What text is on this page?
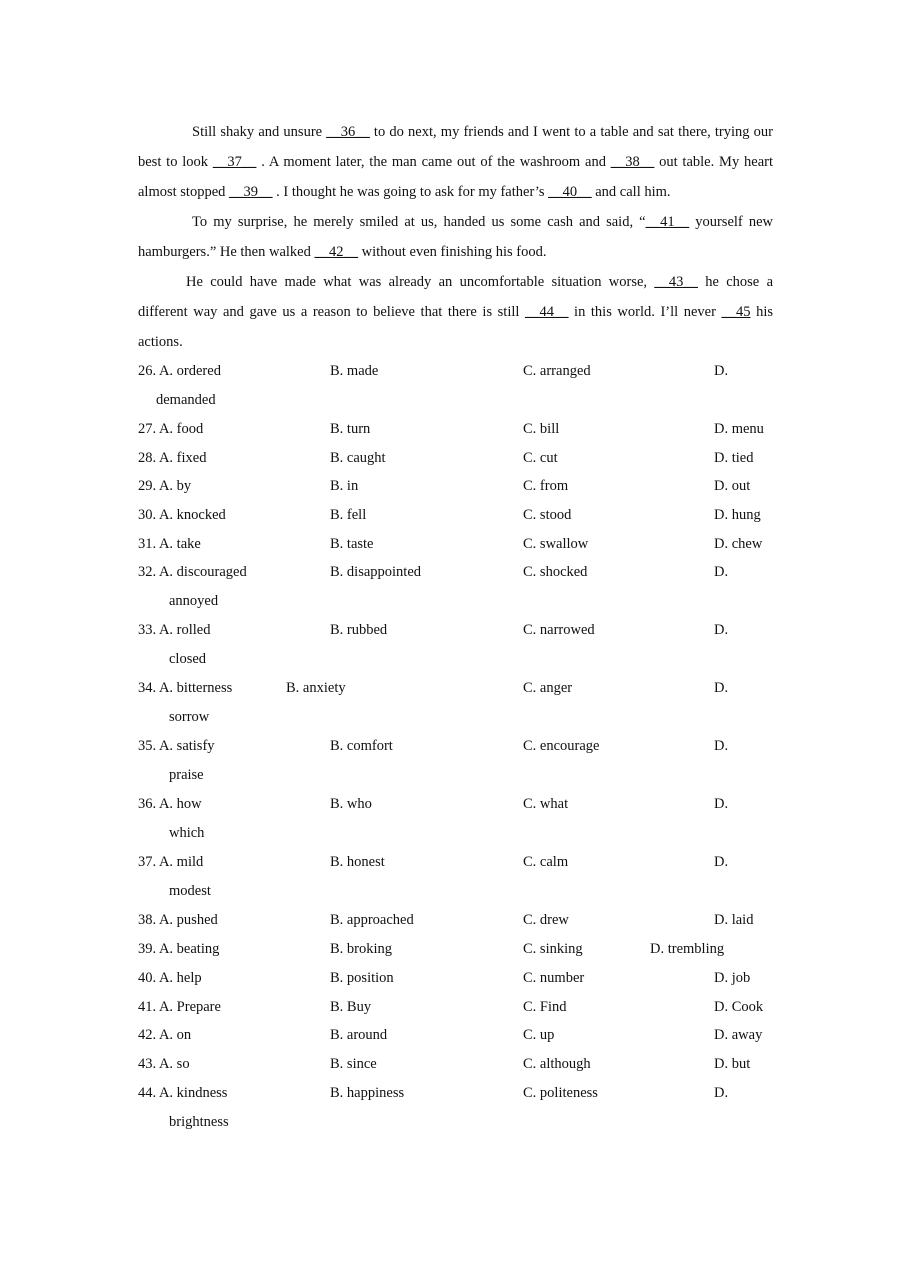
Still shaky and unsure __36__ to do next, my friends and I went to a table and sat there, trying our best to look __37__ . A moment later, the man came out of the washroom and __38__ out table. My heart almost stopped __39__ . I thought he was going to ask for my father’s __40__ and call him.

To my surprise, he merely smiled at us, handed us some cash and said, “__41__ yourself new hamburgers.” He then walked __42__ without even finishing his food.

He could have made what was already an uncomfortable situation worse, __43__ he chose a different way and gave us a reason to believe that there is still __44__ in this world. I’ll never __45 his actions.

26. A. ordered	B. made	C. arranged	D.
demanded
27. A. food	B. turn	C. bill	D. menu
28. A. fixed	B. caught	C. cut	D. tied
29. A. by	B. in	C. from	D. out
30. A. knocked	B. fell	C. stood	D. hung
31. A. take	B. taste	C. swallow	D. chew
32. A. discouraged	B. disappointed	C. shocked	D.
annoyed
33. A. rolled	B. rubbed	C. narrowed	D.
closed
34. A. bitterness	B. anxiety	C. anger	D.
sorrow
35. A. satisfy	B. comfort	C. encourage	D.
praise
36. A. how	B. who	C. what	D.
which
37. A. mild	B. honest	C. calm	D.
modest
38. A. pushed	B. approached	C. drew	D. laid
39. A. beating	B. broking	C. sinking	D. trembling
40. A. help	B. position	C. number	D. job
41. A. Prepare	B. Buy	C. Find	D. Cook
42. A. on	B. around	C. up	D. away
43. A. so	B. since	C. although	D. but
44. A. kindness	B. happiness	C. politeness	D.
brightness
